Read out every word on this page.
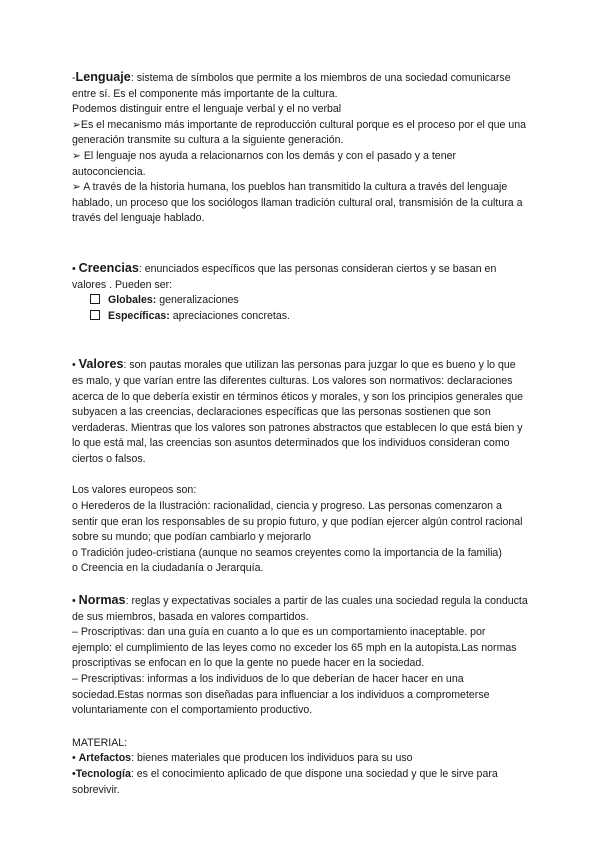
-Lenguaje: sistema de símbolos que permite a los miembros de una sociedad comunicarse entre sí. Es el componente más importante de la cultura.

Podemos distinguir entre el lenguaje verbal y el no verbal

➢Es el mecanismo más importante de reproducción cultural porque es el proceso por el que una generación transmite su cultura a la siguiente generación.

➢ El lenguaje nos ayuda a relacionarnos con los demás y con el pasado y a tener autoconciencia.

➢ A través de la historia humana, los pueblos han transmitido la cultura a través del lenguaje hablado, un proceso que los sociólogos llaman tradición cultural oral, transmisión de la cultura a través del lenguaje hablado.

• Creencias: enunciados específicos que las personas consideran ciertos y se basan en valores . Pueden ser:

Globales: generalizaciones

Específicas: apreciaciones concretas.

• Valores: son pautas morales que utilizan las personas para juzgar lo que es bueno y lo que es malo, y que varían entre las diferentes culturas. Los valores son normativos: declaraciones acerca de lo que debería existir en términos éticos y morales, y son los principios generales que subyacen a las creencias, declaraciones específicas que las personas sostienen que son verdaderas. Mientras que los valores son patrones abstractos que establecen lo que está bien y lo que está mal, las creencias son asuntos determinados que los individuos consideran como ciertos o falsos.

Los valores europeos son:

o Herederos de la Ilustración: racionalidad, ciencia y progreso. Las personas comenzaron a sentir que eran los responsables de su propio futuro, y que podían ejercer algún control racional sobre su mundo; que podían cambiarlo y mejorarlo

o Tradición judeo-cristiana (aunque no seamos creyentes como la importancia de la familia)

o Creencia en la ciudadanía o Jerarquía.

• Normas: reglas y expectativas sociales a partir de las cuales una sociedad regula la conducta de sus miembros, basada en valores compartidos.

– Proscriptivas: dan una guía en cuanto a lo que es un comportamiento inaceptable. por ejemplo: el cumplimiento de las leyes como no exceder los 65 mph en la autopista.Las normas proscriptivas se enfocan en lo que la gente no puede hacer en la sociedad.

– Prescriptivas: informas a los individuos de lo que deberían de hacer hacer en una sociedad.Estas normas son diseñadas para influenciar a los individuos a comprometerse voluntariamente con el comportamiento productivo.

MATERIAL:

• Artefactos: bienes materiales que producen los individuos para su uso

•Tecnología: es el conocimiento aplicado de que dispone una sociedad y que le sirve para sobrevivir.
